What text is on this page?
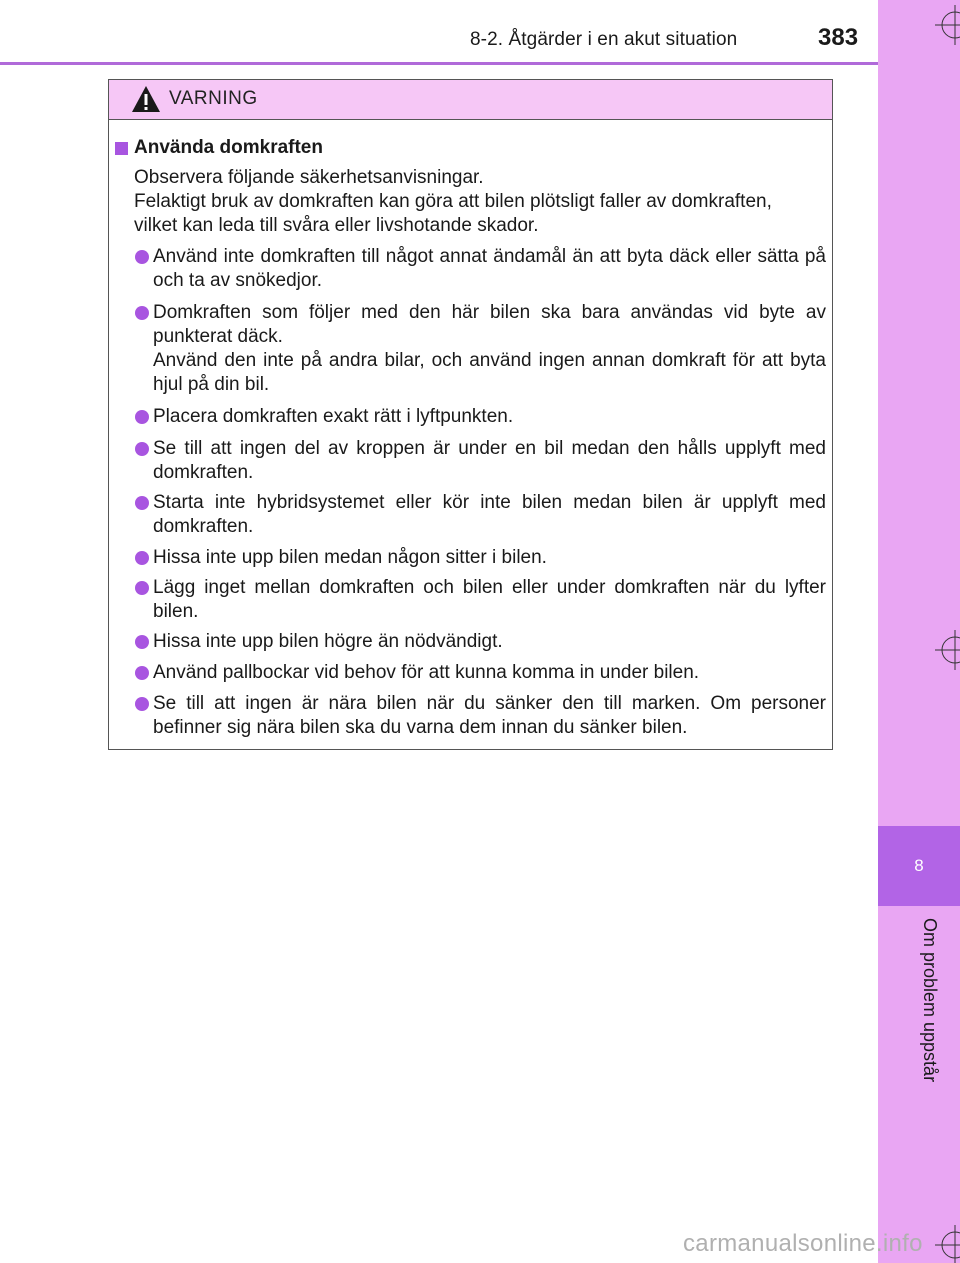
8-2. Åtgärder i en akut situation	383
8
Om problem uppstår
VARNING
Använda domkraften
Observera följande säkerhetsanvisningar.
Felaktigt bruk av domkraften kan göra att bilen plötsligt faller av domkraften,
vilket kan leda till svåra eller livshotande skador.
Använd inte domkraften till något annat ändamål än att byta däck eller sätta på och ta av snökedjor.
Domkraften som följer med den här bilen ska bara användas vid byte av punkterat däck.
Använd den inte på andra bilar, och använd ingen annan domkraft för att byta hjul på din bil.
Placera domkraften exakt rätt i lyftpunkten.
Se till att ingen del av kroppen är under en bil medan den hålls upplyft med domkraften.
Starta inte hybridsystemet eller kör inte bilen medan bilen är upplyft med domkraften.
Hissa inte upp bilen medan någon sitter i bilen.
Lägg inget mellan domkraften och bilen eller under domkraften när du lyfter bilen.
Hissa inte upp bilen högre än nödvändigt.
Använd pallbockar vid behov för att kunna komma in under bilen.
Se till att ingen är nära bilen när du sänker den till marken. Om personer befinner sig nära bilen ska du varna dem innan du sänker bilen.
carmanualsonline.info
